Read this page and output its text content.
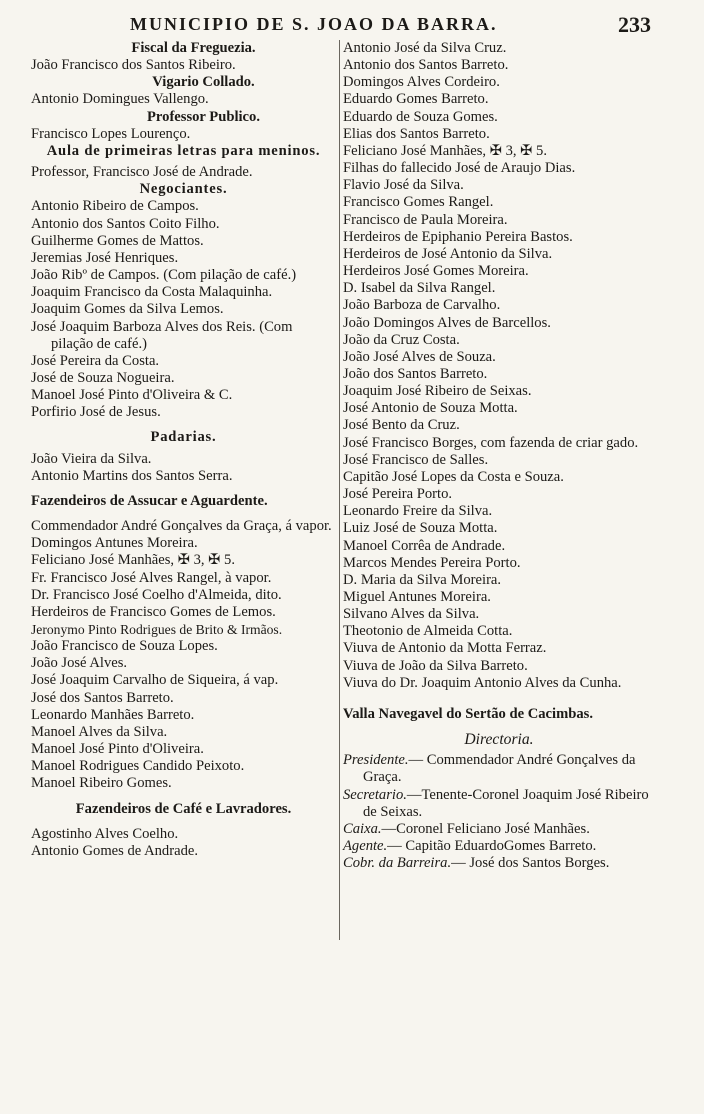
MUNICIPIO DE S. JOAO DA BARRA.	233
Fiscal da Freguezia.
João Francisco dos Santos Ribeiro.
Vigario Collado.
Antonio Domingues Vallengo.
Professor Publico.
Francisco Lopes Lourenço.
Aula de primeiras letras para meninos.
Professor, Francisco José de Andrade.
Negociantes.
Antonio Ribeiro de Campos.
Antonio dos Santos Coito Filho.
Guilherme Gomes de Mattos.
Jeremias José Henriques.
João Ribº de Campos. (Com pilação de café.)
Joaquim Francisco da Costa Malaquinha.
Joaquim Gomes da Silva Lemos.
José Joaquim Barboza Alves dos Reis. (Com pilação de café.)
José Pereira da Costa.
José de Souza Nogueira.
Manoel José Pinto d'Oliveira & C.
Porfirio José de Jesus.
Padarias.
João Vieira da Silva.
Antonio Martins dos Santos Serra.
Fazendeiros de Assucar e Aguardente.
Commendador André Gonçalves da Graça, á vapor.
Domingos Antunes Moreira.
Feliciano José Manhães, ✠ 3, ✠ 5.
Fr. Francisco José Alves Rangel, à vapor.
Dr. Francisco José Coelho d'Almeida, dito.
Herdeiros de Francisco Gomes de Lemos.
Jeronymo Pinto Rodrigues de Brito & Irmãos.
João Francisco de Souza Lopes.
João José Alves.
José Joaquim Carvalho de Siqueira, á vap.
José dos Santos Barreto.
Leonardo Manhães Barreto.
Manoel Alves da Silva.
Manoel José Pinto d'Oliveira.
Manoel Rodrigues Candido Peixoto.
Manoel Ribeiro Gomes.
Fazendeiros de Café e Lavradores.
Agostinho Alves Coelho.
Antonio Gomes de Andrade.
Antonio José da Silva Cruz.
Antonio dos Santos Barreto.
Domingos Alves Cordeiro.
Eduardo Gomes Barreto.
Eduardo de Souza Gomes.
Elias dos Santos Barreto.
Feliciano José Manhães, ✠ 3, ✠ 5.
Filhas do fallecido José de Araujo Dias.
Flavio José da Silva.
Francisco Gomes Rangel.
Francisco de Paula Moreira.
Herdeiros de Epiphanio Pereira Bastos.
Herdeiros de José Antonio da Silva.
Herdeiros José Gomes Moreira.
D. Isabel da Silva Rangel.
João Barboza de Carvalho.
João Domingos Alves de Barcellos.
João da Cruz Costa.
João José Alves de Souza.
João dos Santos Barreto.
Joaquim José Ribeiro de Seixas.
José Antonio de Souza Motta.
José Bento da Cruz.
José Francisco Borges, com fazenda de criar gado.
José Francisco de Salles.
Capitão José Lopes da Costa e Souza.
José Pereira Porto.
Leonardo Freire da Silva.
Luiz José de Souza Motta.
Manoel Corrêa de Andrade.
Marcos Mendes Pereira Porto.
D. Maria da Silva Moreira.
Miguel Antunes Moreira.
Silvano Alves da Silva.
Theotonio de Almeida Cotta.
Viuva de Antonio da Motta Ferraz.
Viuva de João da Silva Barreto.
Viuva do Dr. Joaquim Antonio Alves da Cunha.
Valla Navegavel do Sertão de Cacimbas.
Directoria.
Presidente.— Commendador André Gonçalves da Graça.
Secretario.—Tenente-Coronel Joaquim José Ribeiro de Seixas.
Caixa.—Coronel Feliciano José Manhães.
Agente.— Capitão EduardoGomes Barreto.
Cobr. da Barreira.— José dos Santos Borges.
